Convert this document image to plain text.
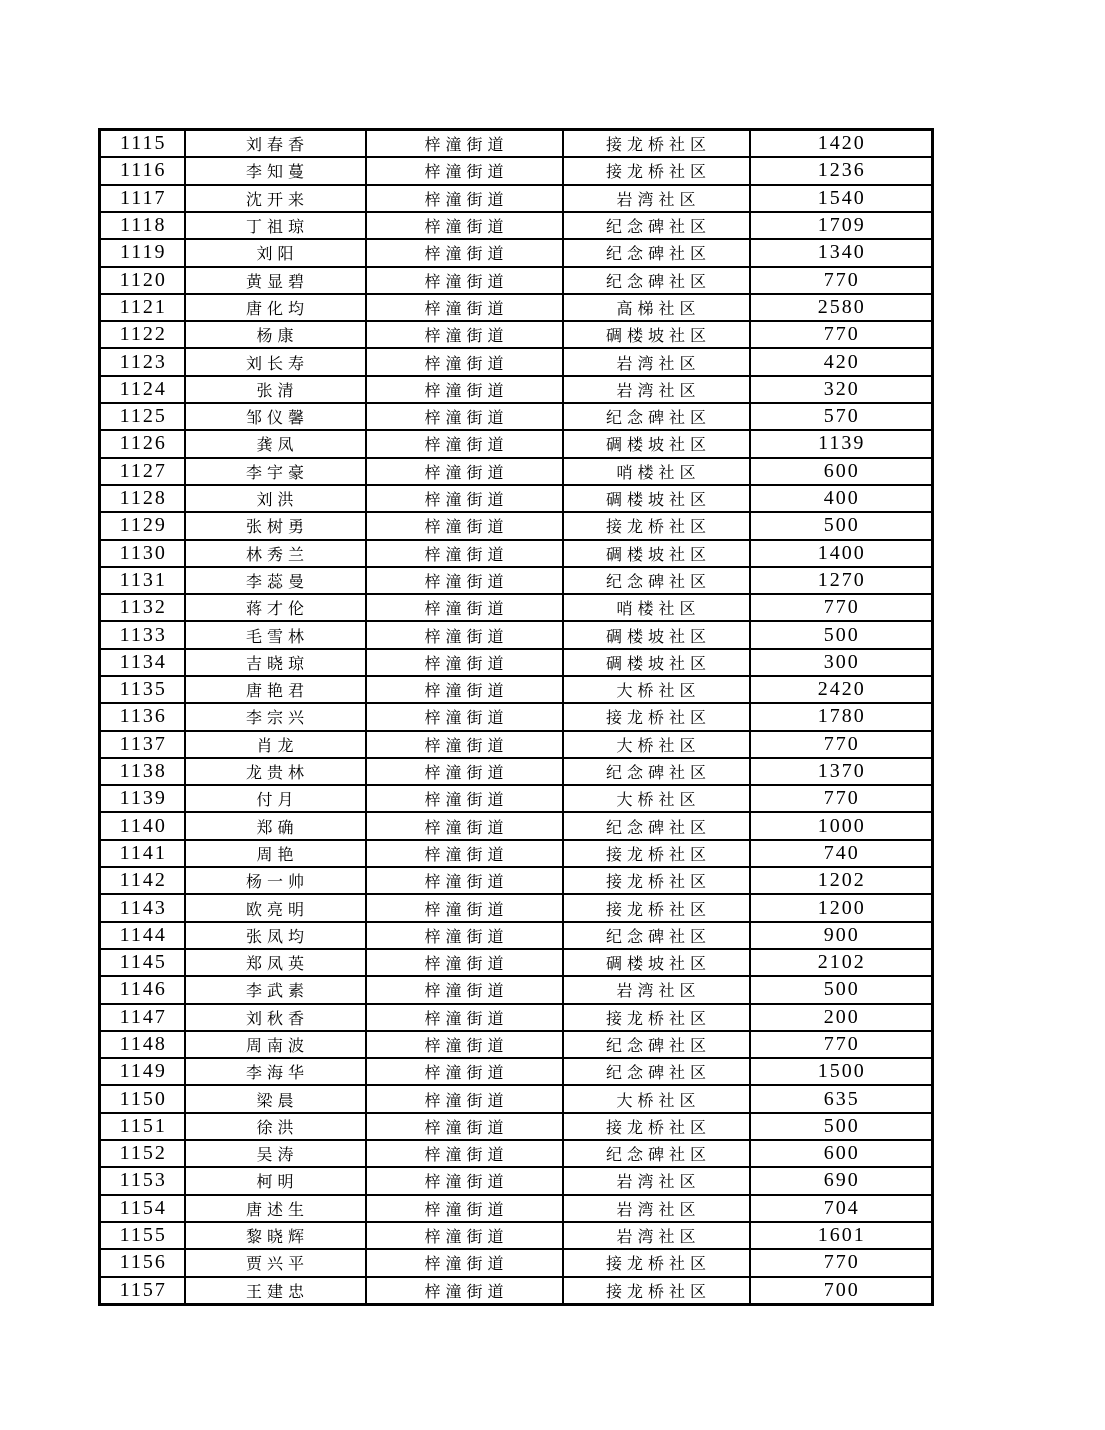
1115	刘春香	梓潼街道	接龙桥社区	1420
1116	李知蔓	梓潼街道	接龙桥社区	1236
1117	沈开来	梓潼街道	岩湾社区	1540
1118	丁祖琼	梓潼街道	纪念碑社区	1709
1119	刘阳	梓潼街道	纪念碑社区	1340
1120	黄显碧	梓潼街道	纪念碑社区	770
1121	唐化均	梓潼街道	高梯社区	2580
1122	杨康	梓潼街道	碉楼坡社区	770
1123	刘长寿	梓潼街道	岩湾社区	420
1124	张清	梓潼街道	岩湾社区	320
1125	邹仪馨	梓潼街道	纪念碑社区	570
1126	龚凤	梓潼街道	碉楼坡社区	1139
1127	李宇豪	梓潼街道	哨楼社区	600
1128	刘洪	梓潼街道	碉楼坡社区	400
1129	张树勇	梓潼街道	接龙桥社区	500
1130	林秀兰	梓潼街道	碉楼坡社区	1400
1131	李蕊曼	梓潼街道	纪念碑社区	1270
1132	蒋才伦	梓潼街道	哨楼社区	770
1133	毛雪林	梓潼街道	碉楼坡社区	500
1134	吉晓琼	梓潼街道	碉楼坡社区	300
1135	唐艳君	梓潼街道	大桥社区	2420
1136	李宗兴	梓潼街道	接龙桥社区	1780
1137	肖龙	梓潼街道	大桥社区	770
1138	龙贵林	梓潼街道	纪念碑社区	1370
1139	付月	梓潼街道	大桥社区	770
1140	郑确	梓潼街道	纪念碑社区	1000
1141	周艳	梓潼街道	接龙桥社区	740
1142	杨一帅	梓潼街道	接龙桥社区	1202
1143	欧亮明	梓潼街道	接龙桥社区	1200
1144	张凤均	梓潼街道	纪念碑社区	900
1145	郑凤英	梓潼街道	碉楼坡社区	2102
1146	李武素	梓潼街道	岩湾社区	500
1147	刘秋香	梓潼街道	接龙桥社区	200
1148	周南波	梓潼街道	纪念碑社区	770
1149	李海华	梓潼街道	纪念碑社区	1500
1150	梁晨	梓潼街道	大桥社区	635
1151	徐洪	梓潼街道	接龙桥社区	500
1152	吴涛	梓潼街道	纪念碑社区	600
1153	柯明	梓潼街道	岩湾社区	690
1154	唐述生	梓潼街道	岩湾社区	704
1155	黎晓辉	梓潼街道	岩湾社区	1601
1156	贾兴平	梓潼街道	接龙桥社区	770
1157	王建忠	梓潼街道	接龙桥社区	700
